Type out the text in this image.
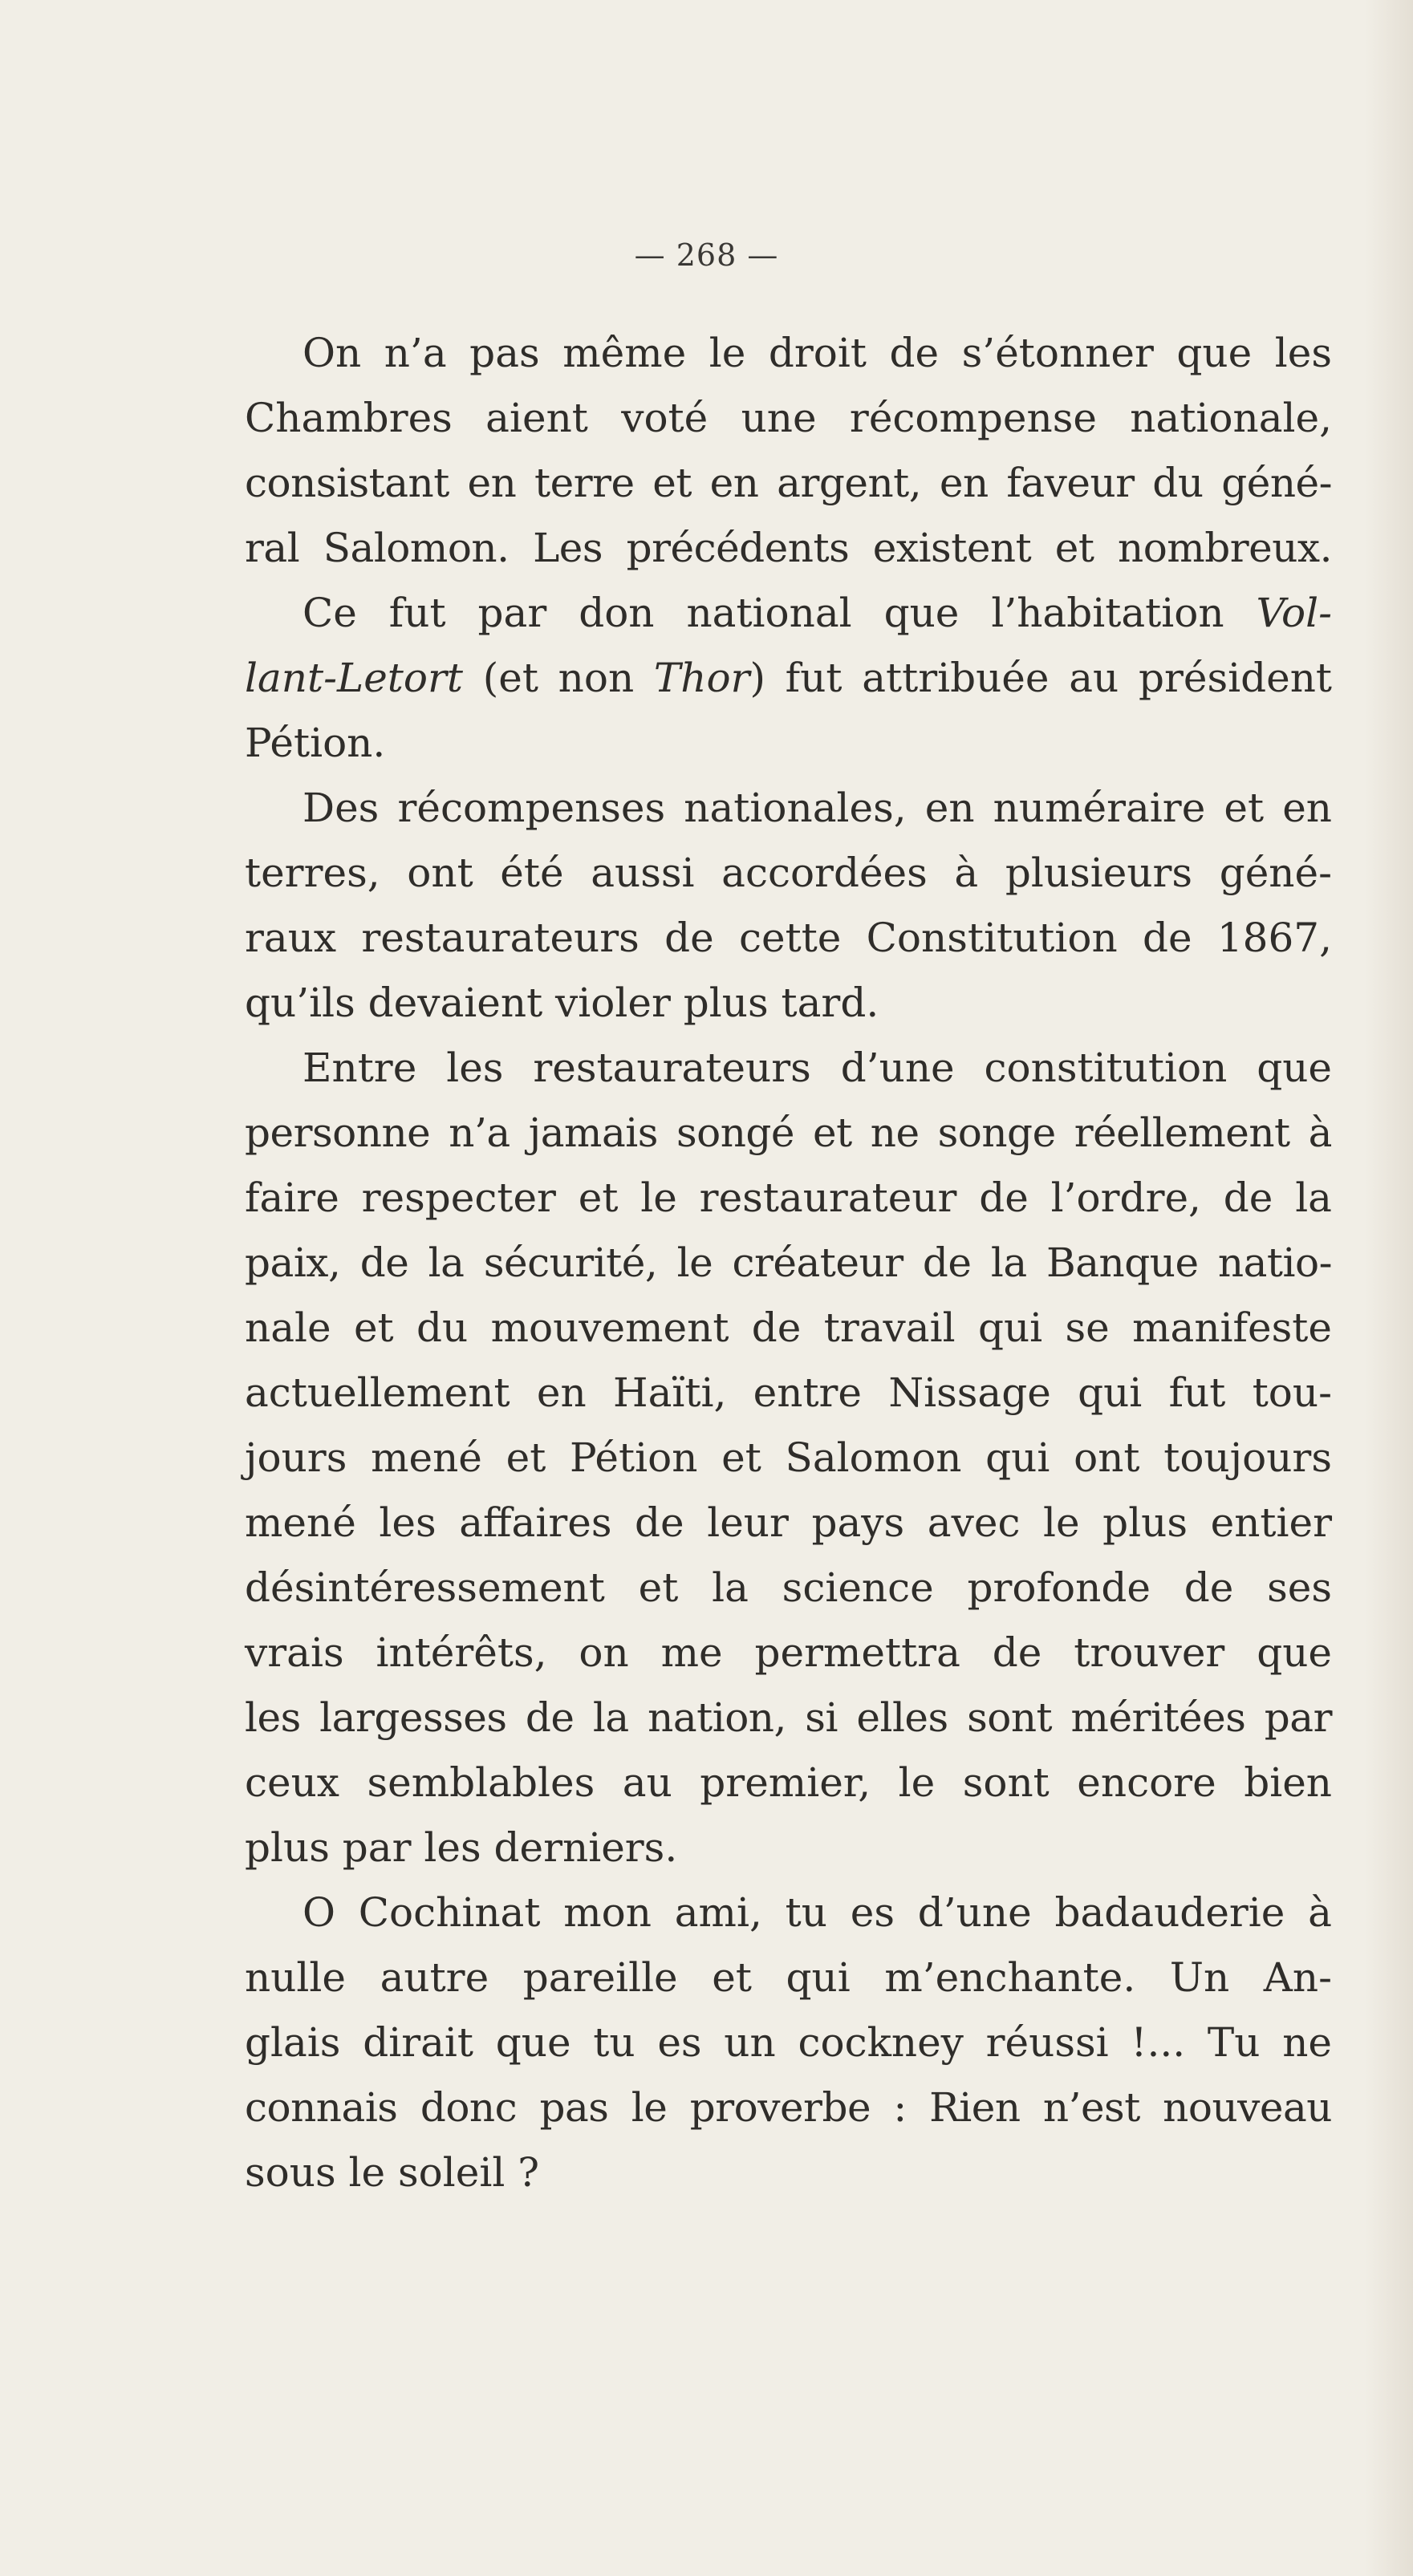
— 268 —
On n’a pas même le droit de s’étonner que les
Chambres aient voté une récompense nationale,
consistant en terre et en argent, en faveur du géné-
ral Salomon. Les précédents existent et nombreux.
Ce fut par don national que l’habitation Vol-
lant-Letort (et non Thor) fut attribuée au président
Pétion.
Des récompenses nationales, en numéraire et en
terres, ont été aussi accordées à plusieurs géné-
raux restaurateurs de cette Constitution de 1867,
qu’ils devaient violer plus tard.
Entre les restaurateurs d’une constitution que
personne n’a jamais songé et ne songe réellement à
faire respecter et le restaurateur de l’ordre, de la
paix, de la sécurité, le créateur de la Banque natio-
nale et du mouvement de travail qui se manifeste
actuellement en Haïti, entre Nissage qui fut tou-
jours mené et Pétion et Salomon qui ont toujours
mené les affaires de leur pays avec le plus entier
désintéressement et la science profonde de ses
vrais intérêts, on me permettra de trouver que
les largesses de la nation, si elles sont méritées par
ceux semblables au premier, le sont encore bien
plus par les derniers.
O Cochinat mon ami, tu es d’une badauderie à
nulle autre pareille et qui m’enchante. Un An-
glais dirait que tu es un cockney réussi !... Tu ne
connais donc pas le proverbe : Rien n’est nouveau
sous le soleil ?
